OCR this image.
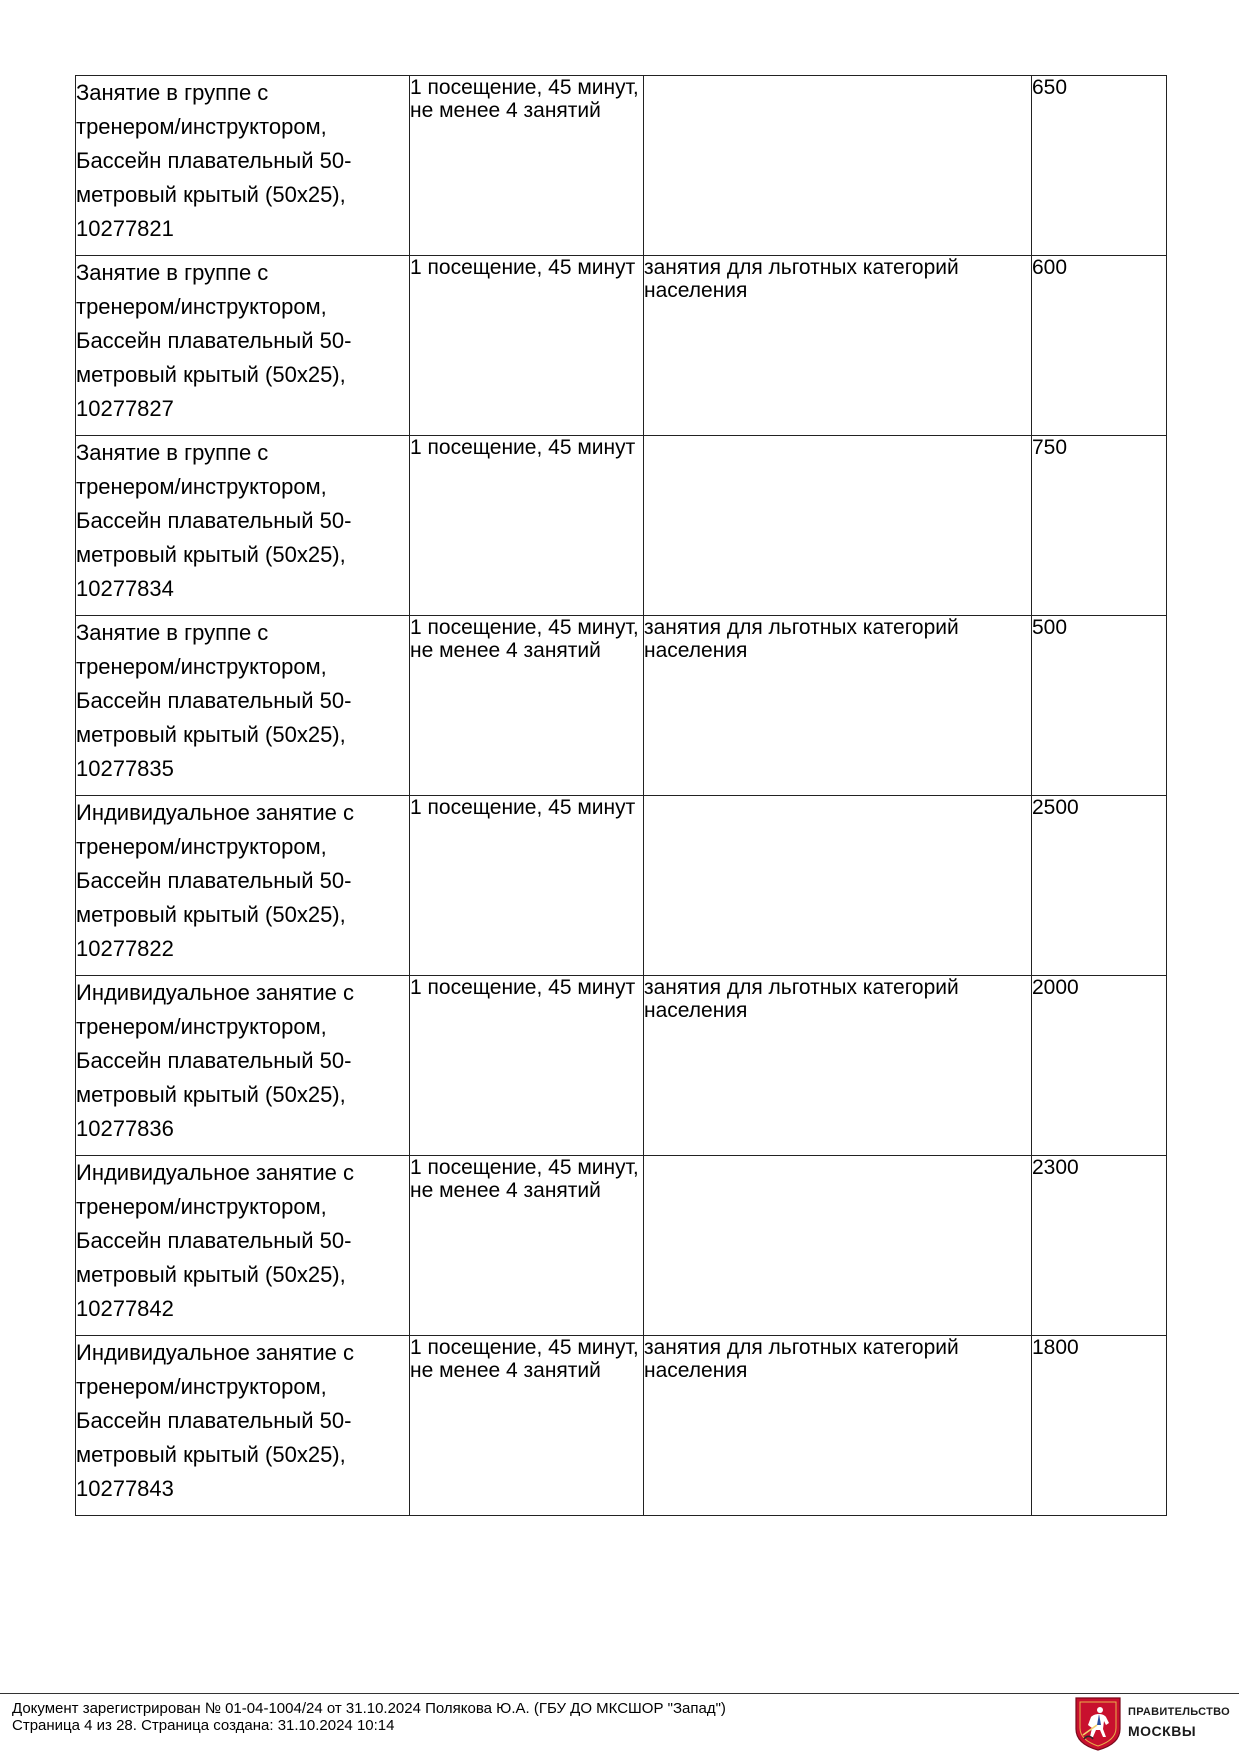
Занятие в группе с
тренером/инструктором,
Бассейн плавательный 50-
метровый крытый (50х25),
10277821	1 посещение, 45 минут, не менее 4 занятий		650

Занятие в группе с
тренером/инструктором,
Бассейн плавательный 50-
метровый крытый (50х25),
10277827	1 посещение, 45 минут	занятия для льготных категорий населения	600

Занятие в группе с
тренером/инструктором,
Бассейн плавательный 50-
метровый крытый (50х25),
10277834	1 посещение, 45 минут		750

Занятие в группе с
тренером/инструктором,
Бассейн плавательный 50-
метровый крытый (50х25),
10277835	1 посещение, 45 минут, не менее 4 занятий	занятия для льготных категорий населения	500

Индивидуальное занятие с
тренером/инструктором,
Бассейн плавательный 50-
метровый крытый (50х25),
10277822	1 посещение, 45 минут		2500

Индивидуальное занятие с
тренером/инструктором,
Бассейн плавательный 50-
метровый крытый (50х25),
10277836	1 посещение, 45 минут	занятия для льготных категорий населения	2000

Индивидуальное занятие с
тренером/инструктором,
Бассейн плавательный 50-
метровый крытый (50х25),
10277842	1 посещение, 45 минут, не менее 4 занятий		2300

Индивидуальное занятие с
тренером/инструктором,
Бассейн плавательный 50-
метровый крытый (50х25),
10277843	1 посещение, 45 минут, не менее 4 занятий	занятия для льготных категорий населения	1800
Документ зарегистрирован № 01-04-1004/24 от 31.10.2024 Полякова Ю.А. (ГБУ ДО МКСШОР "Запад")
Страница 4 из 28. Страница создана: 31.10.2024 10:14
ПРАВИТЕЛЬСТВО
МОСКВЫ
